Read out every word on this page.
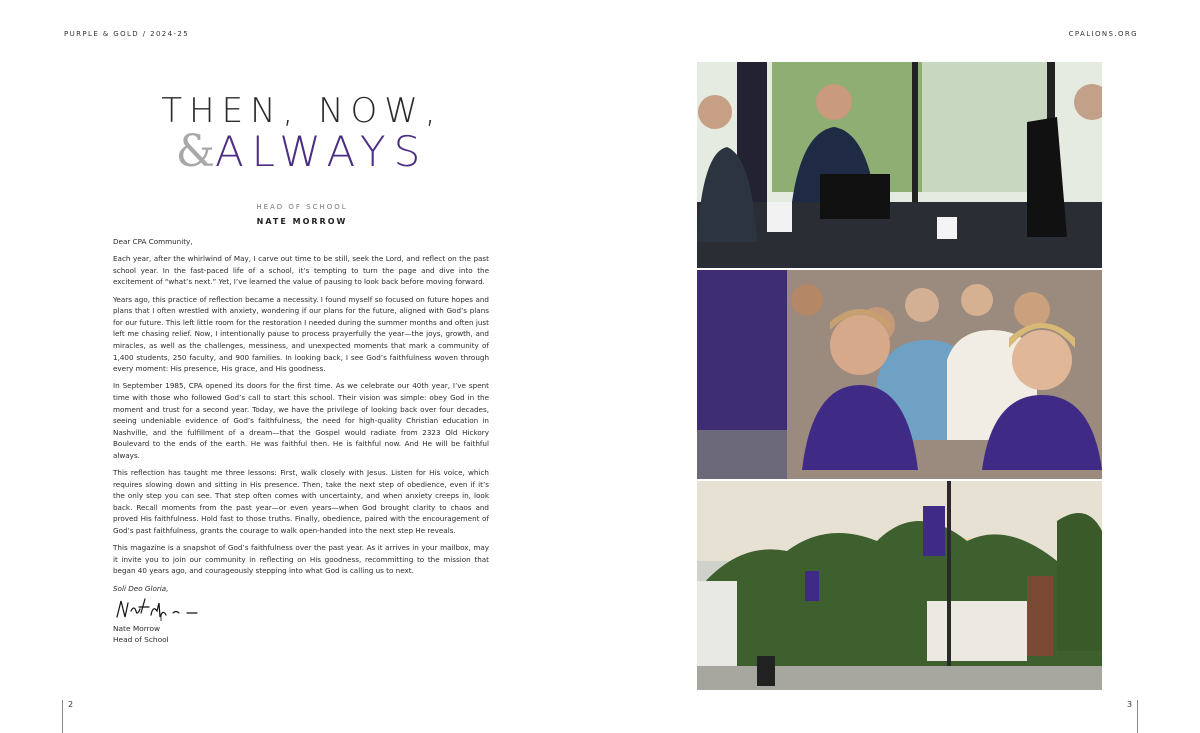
PURPLE & GOLD / 2024-25	CPALIONS.ORG
THEN, NOW,
&ALWAYS
HEAD OF SCHOOL
NATE MORROW

Dear CPA Community,

Each year, after the whirlwind of May, I carve out time to be still, seek the Lord, and reflect on the past school year. In the fast-paced life of a school, it’s tempting to turn the page and dive into the excitement of “what’s next.” Yet, I’ve learned the value of pausing to look back before moving forward.

Years ago, this practice of reflection became a necessity. I found myself so focused on future hopes and plans that I often wrestled with anxiety, wondering if our plans for the future, aligned with God’s plans for our future. This left little room for the restoration I needed during the summer months and often just left me chasing relief. Now, I intentionally pause to process prayerfully the year—the joys, growth, and miracles, as well as the challenges, messiness, and unexpected moments that mark a community of 1,400 students, 250 faculty, and 900 families. In looking back, I see God’s faithfulness woven through every moment: His presence, His grace, and His goodness.

In September 1985, CPA opened its doors for the first time. As we celebrate our 40th year, I’ve spent time with those who followed God’s call to start this school. Their vision was simple: obey God in the moment and trust for a second year. Today, we have the privilege of looking back over four decades, seeing undeniable evidence of God’s faithfulness, the need for high-quality Christian education in Nashville, and the fulfillment of a dream—that the Gospel would radiate from 2323 Old Hickory Boulevard to the ends of the earth. He was faithful then. He is faithful now. And He will be faithful always.

This reflection has taught me three lessons: First, walk closely with Jesus. Listen for His voice, which requires slowing down and sitting in His presence. Then, take the next step of obedience, even if it’s the only step you can see. That step often comes with uncertainty, and when anxiety creeps in, look back. Recall moments from the past year—or even years—when God brought clarity to chaos and proved His faithfulness. Hold fast to those truths. Finally, obedience, paired with the encouragement of God’s past faithfulness, grants the courage to walk open-handed into the next step He reveals.

This magazine is a snapshot of God’s faithfulness over the past year. As it arrives in your mailbox, may it invite you to join our community in reflecting on His goodness, recommitting to the mission that began 40 years ago, and courageously stepping into what God is calling us to next.

Soli Deo Gloria,
Nate Morrow
Head of School
2	3
